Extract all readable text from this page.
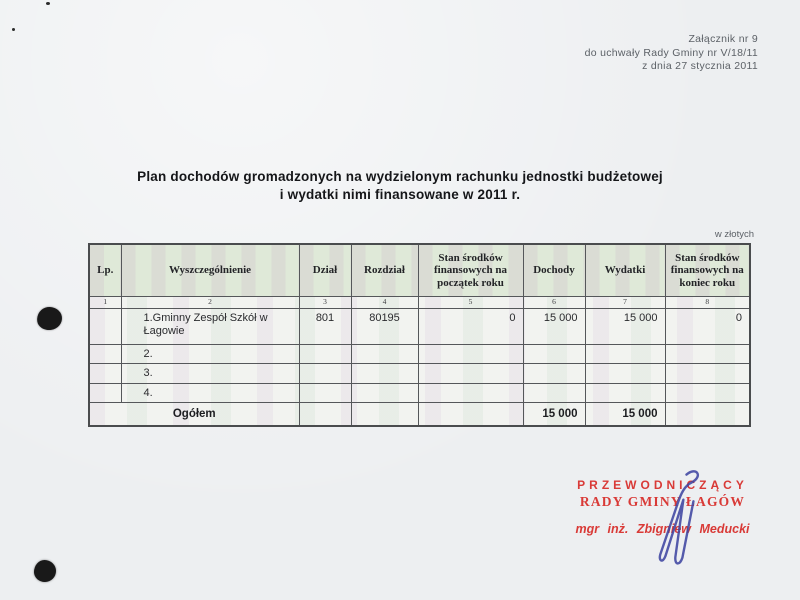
Załącznik nr 9
do uchwały Rady Gminy nr V/18/11
z dnia 27 stycznia 2011
Plan dochodów gromadzonych na wydzielonym rachunku jednostki budżetowej
i wydatki nimi finansowane w 2011 r.
w złotych
Lp.	Wyszczególnienie	Dział	Rozdział	Stan środków finansowych na początek roku	Dochody	Wydatki	Stan środków finansowych na koniec roku
1	2	3	4	5	6	7	8
	1.Gminny Zespół Szkół w Łagowie	801	80195	0	15 000	15 000	0
	2.						
	3.						
	4.						
Ogółem					15 000	15 000	
PRZEWODNICZĄCY
RADY GMINY ŁAGÓW
mgr inż. Zbigniew Meducki
